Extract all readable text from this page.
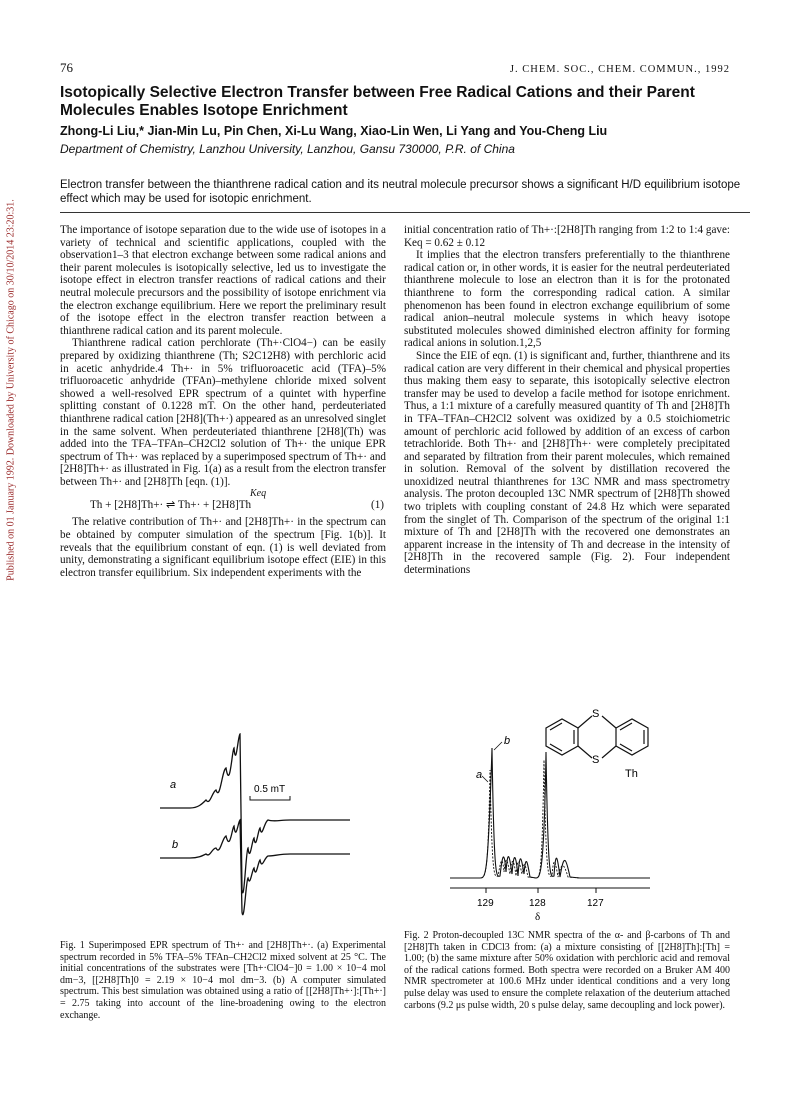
Published on 01 January 1992. Downloaded by University of Chicago on 30/10/2014 23:20:31.
76	J. CHEM. SOC., CHEM. COMMUN., 1992
Isotopically Selective Electron Transfer between Free Radical Cations and their Parent Molecules Enables Isotope Enrichment
Zhong-Li Liu,* Jian-Min Lu, Pin Chen, Xi-Lu Wang, Xiao-Lin Wen, Li Yang and You-Cheng Liu
Department of Chemistry, Lanzhou University, Lanzhou, Gansu 730000, P.R. of China
Electron transfer between the thianthrene radical cation and its neutral molecule precursor shows a significant H/D equilibrium isotope effect which may be used for isotopic enrichment.

The importance of isotope separation due to the wide use of isotopes in a variety of technical and scientific applications, coupled with the observation1–3 that electron exchange between some radical anions and their parent molecules is isotopically selective, led us to investigate the isotope effect in electron transfer reactions of radical cations and their neutral molecule precursors and the possibility of isotope enrichment via the electron exchange equilibrium. Here we report the preliminary result of the isotope effect in the electron transfer reaction between a thianthrene radical cation and its parent molecule.

Thianthrene radical cation perchlorate (Th+·ClO4−) can be easily prepared by oxidizing thianthrene (Th; S2C12H8) with perchloric acid in acetic anhydride.4 Th+· in 5% trifluoroacetic acid (TFA)–5% trifluoroacetic anhydride (TFAn)–methylene chloride mixed solvent showed a well-resolved EPR spectrum of a quintet with hyperfine splitting constant of 0.1228 mT. On the other hand, perdeuteriated thianthrene radical cation [2H8](Th+·) appeared as an unresolved singlet in the same solvent. When perdeuteriated thianthrene [2H8](Th) was added into the TFA–TFAn–CH2Cl2 solution of Th+· the unique EPR spectrum of Th+· was replaced by a superimposed spectrum of Th+· and [2H8]Th+· as illustrated in Fig. 1(a) as a result from the electron transfer between Th+· and [2H8]Th [eqn. (1)].

Keq
Th + [2H8]Th+· ⇌ Th+· + [2H8]Th	(1)

The relative contribution of Th+· and [2H8]Th+· in the spectrum can be obtained by computer simulation of the spectrum [Fig. 1(b)]. It reveals that the equilibrium constant of eqn. (1) is well deviated from unity, demonstrating a significant equilibrium isotope effect (EIE) in this electron transfer equilibrium. Six independent experiments with the

initial concentration ratio of Th+·:[2H8]Th ranging from 1:2 to 1:4 gave: Keq = 0.62 ± 0.12

It implies that the electron transfers preferentially to the thianthrene radical cation or, in other words, it is easier for the neutral perdeuteriated thianthrene molecule to lose an electron than it is for the protonated thianthrene to form the corresponding radical cation. A similar phenomenon has been found in electron exchange equilibrium of some radical anion–neutral molecule systems in which heavy isotope substituted molecules showed diminished electron affinity for forming radical anions in solution.1,2,5

Since the EIE of eqn. (1) is significant and, further, thianthrene and its radical cation are very different in their chemical and physical properties thus making them easy to separate, this isotopically selective electron transfer may be used to develop a facile method for isotope enrichment. Thus, a 1:1 mixture of a carefully measured quantity of Th and [2H8]Th in TFA–TFAn–CH2Cl2 solvent was oxidized by a 0.5 stoichiometric amount of perchloric acid followed by addition of an excess of carbon tetrachloride. Both Th+· and [2H8]Th+· were completely precipitated and separated by filtration from their parent molecules, which remained in solution. Removal of the solvent by distillation recovered the unoxidized neutral thianthrenes for 13C NMR and mass spectrometry analysis. The proton decoupled 13C NMR spectrum of [2H8]Th showed two triplets with coupling constant of 24.8 Hz which were separated from the singlet of Th. Comparison of the spectrum of the original 1:1 mixture of Th and [2H8]Th with the recovered one demonstrates an apparent increase in the intensity of Th and decrease in the intensity of [2H8]Th in the recovered sample (Fig. 2). Four independent determinations

a
b
0.5 mT
S
S
Th
a
b
129	128	127
δ
Fig. 1 Superimposed EPR spectrum of Th+· and [2H8]Th+·. (a) Experimental spectrum recorded in 5% TFA–5% TFAn–CH2Cl2 mixed solvent at 25 °C. The initial concentrations of the substrates were [Th+·ClO4−]0 = 1.00 × 10−4 mol dm−3, [[2H8]Th]0 = 2.19 × 10−4 mol dm−3. (b) A computer simulated spectrum. This best simulation was obtained using a ratio of [[2H8]Th+·]:[Th+·] = 2.75 taking into account of the line-broadening owing to the electron exchange.
Fig. 2 Proton-decoupled 13C NMR spectra of the α- and β-carbons of Th and [2H8]Th taken in CDCl3 from: (a) a mixture consisting of [[2H8]Th]:[Th] = 1.00; (b) the same mixture after 50% oxidation with perchloric acid and removal of the radical cations formed. Both spectra were recorded on a Bruker AM 400 NMR spectrometer at 100.6 MHz under identical conditions and a very long pulse delay was used to ensure the complete relaxation of the deuterium attached carbons (9.2 μs pulse width, 20 s pulse delay, same decoupling and lock power).
